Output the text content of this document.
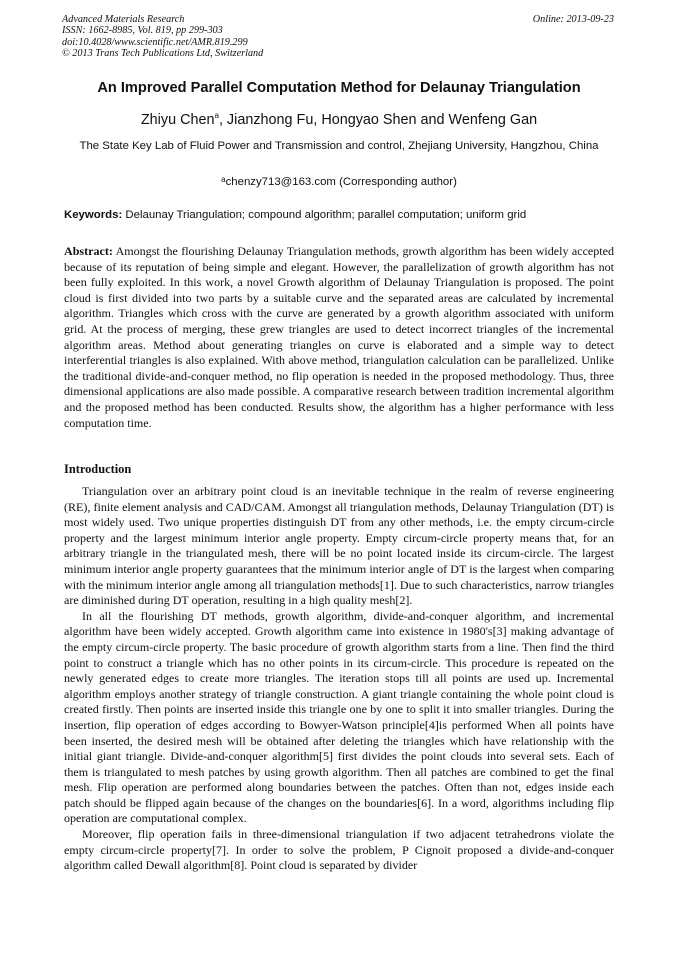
Advanced Materials Research
ISSN: 1662-8985, Vol. 819, pp 299-303
doi:10.4028/www.scientific.net/AMR.819.299
© 2013 Trans Tech Publications Ltd, Switzerland
Online: 2013-09-23
An Improved Parallel Computation Method for Delaunay Triangulation
Zhiyu Chen$^a$, Jianzhong Fu, Hongyao Shen and Wenfeng Gan
The State Key Lab of Fluid Power and Transmission and control, Zhejiang University, Hangzhou, China
$^a$chenzy713@163.com (Corresponding author)
Keywords: Delaunay Triangulation; compound algorithm; parallel computation; uniform grid

Abstract: Amongst the flourishing Delaunay Triangulation methods, growth algorithm has been widely accepted because of its reputation of being simple and elegant. However, the parallelization of growth algorithm has not been fully exploited. In this work, a novel Growth algorithm of Delaunay Triangulation is proposed. The point cloud is first divided into two parts by a suitable curve and the separated areas are calculated by incremental algorithm. Triangles which cross with the curve are generated by a growth algorithm associated with uniform grid. At the process of merging, these grew triangles are used to detect incorrect triangles of the incremental algorithm areas. Method about generating triangles on curve is elaborated and a simple way to detect interferential triangles is also explained. With above method, triangulation calculation can be parallelized. Unlike the traditional divide-and-conquer method, no flip operation is needed in the proposed methodology. Thus, three dimensional applications are also made possible. A comparative research between tradition incremental algorithm and the proposed method has been conducted. Results show, the algorithm has a higher performance with less computation time.

Introduction

Triangulation over an arbitrary point cloud is an inevitable technique in the realm of reverse engineering (RE), finite element analysis and CAD/CAM. Amongst all triangulation methods, Delaunay Triangulation (DT) is most widely used. Two unique properties distinguish DT from any other methods, i.e. the empty circum-circle property and the largest minimum interior angle property. Empty circum-circle property means that, for an arbitrary triangle in the triangulated mesh, there will be no point located inside its circum-circle. The largest minimum interior angle property guarantees that the minimum interior angle of DT is the largest when comparing with the minimum interior angle among all triangulation methods[1]. Due to such characteristics, narrow triangles are diminished during DT operation, resulting in a high quality mesh[2].

In all the flourishing DT methods, growth algorithm, divide-and-conquer algorithm, and incremental algorithm have been widely accepted. Growth algorithm came into existence in 1980's[3] making advantage of the empty circum-circle property. The basic procedure of growth algorithm starts from a line. Then find the third point to construct a triangle which has no other points in its circum-circle. This procedure is repeated on the newly generated edges to create more triangles. The iteration stops till all points are used up. Incremental algorithm employs another strategy of triangle construction. A giant triangle containing the whole point cloud is created firstly. Then points are inserted inside this triangle one by one to split it into smaller triangles. During the insertion, flip operation of edges according to Bowyer-Watson principle[4]is performed When all points have been inserted, the desired mesh will be obtained after deleting the triangles which have relationship with the initial giant triangle. Divide-and-conquer algorithm[5] first divides the point clouds into several sets. Each of them is triangulated to mesh patches by using growth algorithm. Then all patches are combined to get the final mesh. Flip operation are performed along boundaries between the patches. Often than not, edges inside each patch should be flipped again because of the changes on the boundaries[6]. In a word, algorithms including flip operation are computational complex.

Moreover, flip operation fails in three-dimensional triangulation if two adjacent tetrahedrons violate the empty circum-circle property[7]. In order to solve the problem, P Cignoit proposed a divide-and-conquer algorithm called Dewall algorithm[8]. Point cloud is separated by divider
